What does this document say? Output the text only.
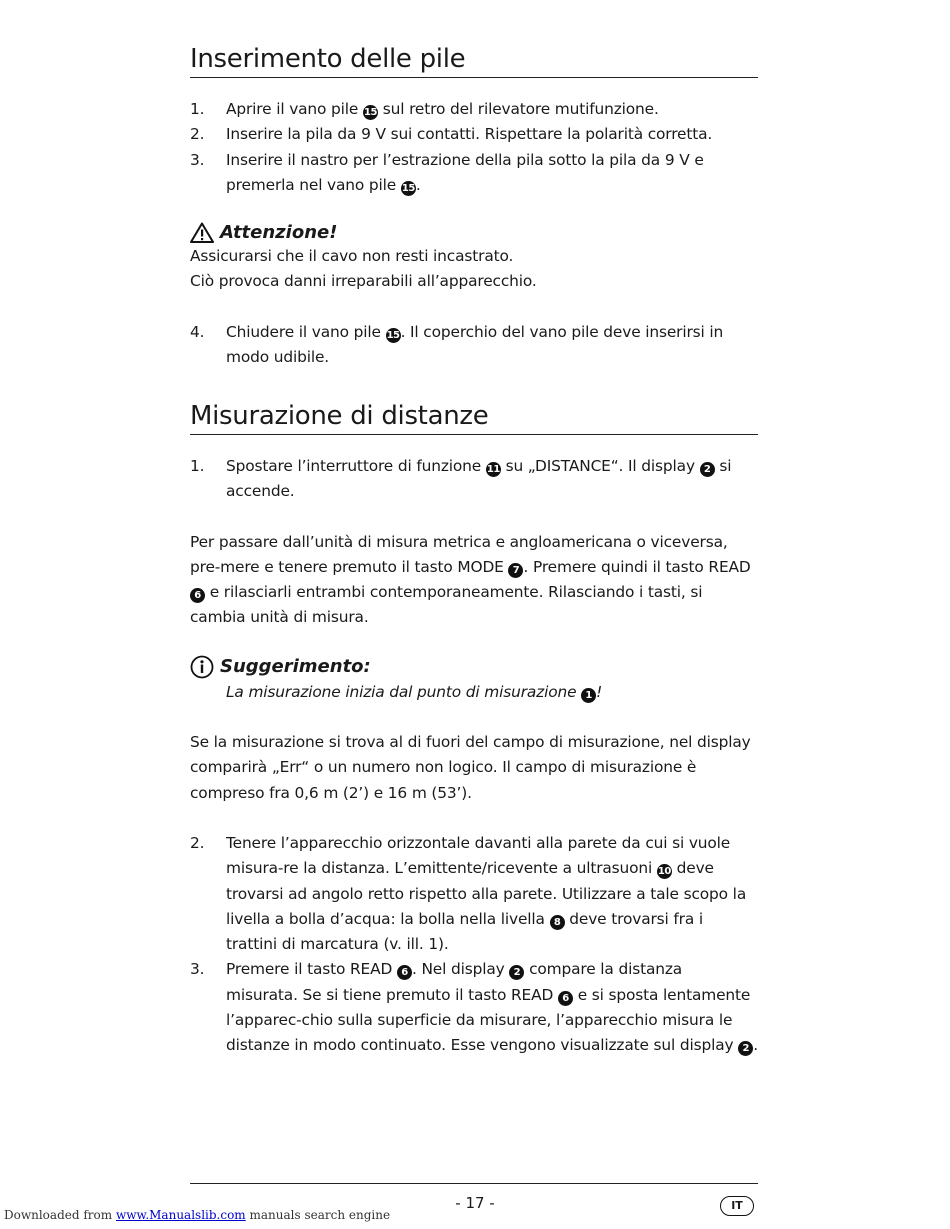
Inserimento delle pile
1. Aprire il vano pile 15 sul retro del rilevatore mutifunzione.
2. Inserire la pila da 9 V sui contatti. Rispettare la polarità corretta.
3. Inserire il nastro per l’estrazione della pila sotto la pila da 9 V e premerla nel vano pile 15.
Attenzione!
Assicurarsi che il cavo non resti incastrato.
Ciò provoca danni irreparabili all’apparecchio.
4. Chiudere il vano pile 15. Il coperchio del vano pile deve inserirsi in modo udibile.
Misurazione di distanze
1. Spostare l’interruttore di funzione 11 su „DISTANCE“. Il display 2 si accende.

Per passare dall’unità di misura metrica e angloamericana o viceversa, pre-mere e tenere premuto il tasto MODE 7 . Premere quindi il tasto READ 6 e rilasciarli entrambi contemporaneamente. Rilasciando i tasti, si cambia unità di misura.

Suggerimento:
La misurazione inizia dal punto di misurazione 1 !

Se la misurazione si trova al di fuori del campo di misurazione, nel display comparirà „Err“ o un numero non logico. Il campo di misurazione è compreso fra 0,6 m (2’) e 16 m (53’).

2. Tenere l’apparecchio orizzontale davanti alla parete da cui si vuole misura-re la distanza. L’emittente/ricevente a ultrasuoni 10 deve trovarsi ad angolo retto rispetto alla parete. Utilizzare a tale scopo la livella a bolla d’acqua: la bolla nella livella 8 deve trovarsi fra i trattini di marcatura (v. ill. 1).
3. Premere il tasto READ 6 . Nel display 2 compare la distanza misurata. Se si tiene premuto il tasto READ 6 e si sposta lentamente l’apparec-chio sulla superficie da misurare, l’apparecchio misura le distanze in modo continuato. Esse vengono visualizzate sul display 2 .
- 17 -	IT
Downloaded from www.Manualslib.com manuals search engine
